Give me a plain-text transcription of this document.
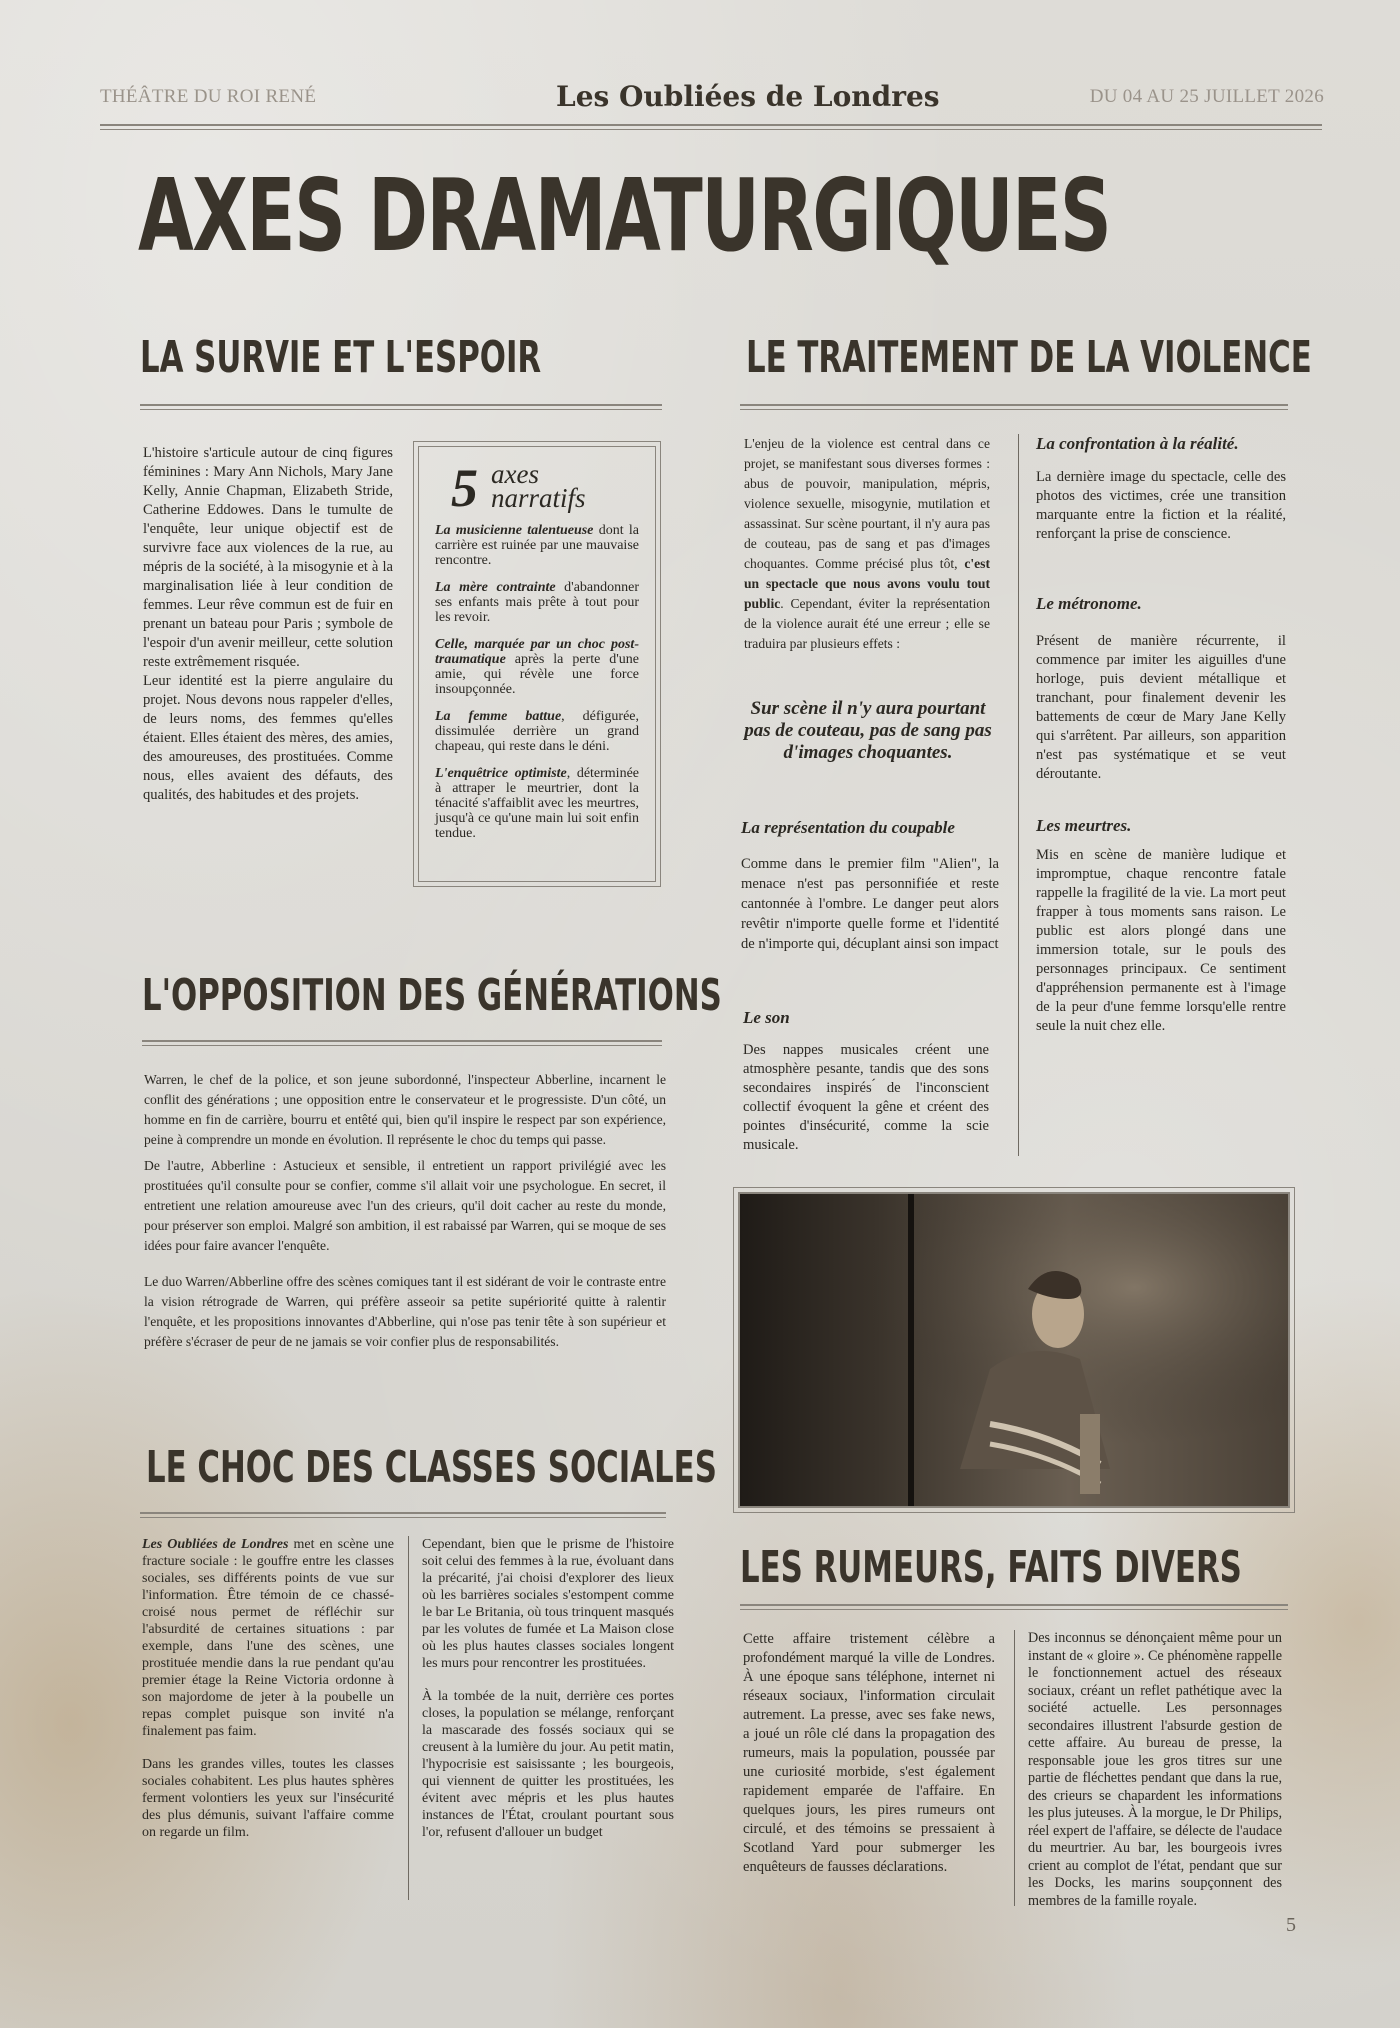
THÉÂTRE DU ROI RENÉ	Les Oubliées de Londres	DU 04 AU 25 JUILLET 2026
AXES DRAMATURGIQUES
LA SURVIE ET L'ESPOIR

L'histoire s'articule autour de cinq figures féminines : Mary Ann Nichols, Mary Jane Kelly, Annie Chapman, Elizabeth Stride, Catherine Eddowes. Dans le tumulte de l'enquête, leur unique objectif est de survivre face aux violences de la rue, au mépris de la société, à la misogynie et à la marginalisation liée à leur condition de femmes. Leur rêve commun est de fuir en prenant un bateau pour Paris ; symbole de l'espoir d'un avenir meilleur, cette solution reste extrêmement risquée.

Leur identité est la pierre angulaire du projet. Nous devons nous rappeler d'elles, de leurs noms, des femmes qu'elles étaient. Elles étaient des mères, des amies, des amoureuses, des prostituées. Comme nous, elles avaient des défauts, des qualités, des habitudes et des projets.

5 axes
narratifs
La musicienne talentueuse dont la carrière est ruinée par une mauvaise rencontre.
La mère contrainte d'abandonner ses enfants mais prête à tout pour les revoir.
Celle, marquée par un choc post-traumatique après la perte d'une amie, qui révèle une force insoupçonnée.
La femme battue, défigurée, dissimulée derrière un grand chapeau, qui reste dans le déni.
L'enquêtrice optimiste, déterminée à attraper le meurtrier, dont la ténacité s'affaiblit avec les meurtres, jusqu'à ce qu'une main lui soit enfin tendue.
LE TRAITEMENT DE LA VIOLENCE
L'enjeu de la violence est central dans ce projet, se manifestant sous diverses formes : abus de pouvoir, manipulation, mépris, violence sexuelle, misogynie, mutilation et assassinat. Sur scène pourtant, il n'y aura pas de couteau, pas de sang et pas d'images choquantes. Comme précisé plus tôt, c'est un spectacle que nous avons voulu tout public. Cependant, éviter la représentation de la violence aurait été une erreur ; elle se traduira par plusieurs effets :
Sur scène il n'y aura pourtant pas de couteau, pas de sang pas d'images choquantes.
La représentation du coupable
Comme dans le premier film "Alien", la menace n'est pas personnifiée et reste cantonnée à l'ombre. Le danger peut alors revêtir n'importe quelle forme et l'identité de n'importe qui, décuplant ainsi son impact
Le son
Des nappes musicales créent une atmosphère pesante, tandis que des sons secondaires inspirés ́de l'inconscient collectif évoquent la gêne et créent des pointes d'insécurité, comme la scie musicale.
La confrontation à la réalité.
La dernière image du spectacle, celle des photos des victimes, crée une transition marquante entre la fiction et la réalité, renforçant la prise de conscience.
Le métronome.
Présent de manière récurrente, il commence par imiter les aiguilles d'une horloge, puis devient métallique et tranchant, pour finalement devenir les battements de cœur de Mary Jane Kelly qui s'arrêtent. Par ailleurs, son apparition n'est pas systématique et se veut déroutante.
Les meurtres.
Mis en scène de manière ludique et impromptue, chaque rencontre fatale rappelle la fragilité de la vie. La mort peut frapper à tous moments sans raison. Le public est alors plongé dans une immersion totale, sur le pouls des personnages principaux. Ce sentiment d'appréhension permanente est à l'image de la peur d'une femme lorsqu'elle rentre seule la nuit chez elle.
L'OPPOSITION DES GÉNÉRATIONS

Warren, le chef de la police, et son jeune subordonné, l'inspecteur Abberline, incarnent le conflit des générations ; une opposition entre le conservateur et le progressiste. D'un côté, un homme en fin de carrière, bourru et entêté qui, bien qu'il inspire le respect par son expérience, peine à comprendre un monde en évolution. Il représente le choc du temps qui passe.

De l'autre, Abberline : Astucieux et sensible, il entretient un rapport privilégié avec les prostituées qu'il consulte pour se confier, comme s'il allait voir une psychologue. En secret, il entretient une relation amoureuse avec l'un des crieurs, qu'il doit cacher au reste du monde, pour préserver son emploi. Malgré son ambition, il est rabaissé par Warren, qui se moque de ses idées pour faire avancer l'enquête.

Le duo Warren/Abberline offre des scènes comiques tant il est sidérant de voir le contraste entre la vision rétrograde de Warren, qui préfère asseoir sa petite supériorité quitte à ralentir l'enquête, et les propositions innovantes d'Abberline, qui n'ose pas tenir tête à son supérieur et préfère s'écraser de peur de ne jamais se voir confier plus de responsabilités.

LE CHOC DES CLASSES SOCIALES

Les Oubliées de Londres met en scène une fracture sociale : le gouffre entre les classes sociales, ses différents points de vue sur l'information. Être témoin de ce chassé-croisé nous permet de réfléchir sur l'absurdité de certaines situations : par exemple, dans l'une des scènes, une prostituée mendie dans la rue pendant qu'au premier étage la Reine Victoria ordonne à son majordome de jeter à la poubelle un repas complet puisque son invité n'a finalement pas faim.

Dans les grandes villes, toutes les classes sociales cohabitent. Les plus hautes sphères ferment volontiers les yeux sur l'insécurité des plus démunis, suivant l'affaire comme on regarde un film.

Cependant, bien que le prisme de l'histoire soit celui des femmes à la rue, évoluant dans la précarité, j'ai choisi d'explorer des lieux où les barrières sociales s'estompent comme le bar Le Britania, où tous trinquent masqués par les volutes de fumée et La Maison close où les plus hautes classes sociales longent les murs pour rencontrer les prostituées.

À la tombée de la nuit, derrière ces portes closes, la population se mélange, renforçant la mascarade des fossés sociaux qui se creusent à la lumière du jour. Au petit matin, l'hypocrisie est saisissante ; les bourgeois, qui viennent de quitter les prostituées, les évitent avec mépris et les plus hautes instances de l'État, croulant pourtant sous l'or, refusent d'allouer un budget

LES RUMEURS, FAITS DIVERS
Cette affaire tristement célèbre a profondément marqué la ville de Londres. À une époque sans téléphone, internet ni réseaux sociaux, l'information circulait autrement. La presse, avec ses fake news, a joué un rôle clé dans la propagation des rumeurs, mais la population, poussée par une curiosité morbide, s'est également rapidement emparée de l'affaire. En quelques jours, les pires rumeurs ont circulé, et des témoins se pressaient à Scotland Yard pour submerger les enquêteurs de fausses déclarations.
Des inconnus se dénonçaient même pour un instant de « gloire ». Ce phénomène rappelle le fonctionnement actuel des réseaux sociaux, créant un reflet pathétique avec la société actuelle. Les personnages secondaires illustrent l'absurde gestion de cette affaire. Au bureau de presse, la responsable joue les gros titres sur une partie de fléchettes pendant que dans la rue, des crieurs se chapardent les informations les plus juteuses. À la morgue, le Dr Philips, réel expert de l'affaire, se délecte de l'audace du meurtrier. Au bar, les bourgeois ivres crient au complot de l'état, pendant que sur les Docks, les marins soupçonnent des membres de la famille royale.
5
